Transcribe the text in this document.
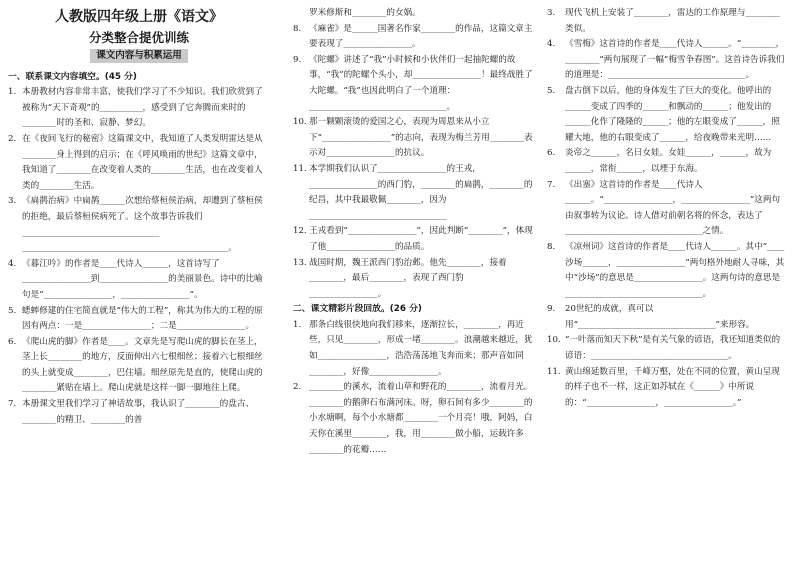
人教版四年级上册《语文》
分类整合提优训练
课文内容与积累运用
一、联系课文内容填空。(45 分)
1. 本册教材内容非常丰富，使我们学习了不少知识。我们欣赏到了被称为“天下奇观”的__________，感受到了它奔腾而来时的________时的圣和、寂静、梦幻。
2. 在《夜间飞行的秘密》这篇课文中，我知道了人类发明雷达是从________身上得到的启示；在《呼风唤雨的世纪》这篇文章中，我知道了________在改变着人类的________生活，也在改变着人类的________生活。
3. 《扁鹊治病》中扁鹊______次想给蔡桓侯治病，却遭到了蔡桓侯的拒绝，最后蔡桓侯病死了。这个故事告诉我们________________________________
________________________________________________。
4. 《暮江吟》的作者是____代诗人______，这首诗写了________________到________________的美丽景色。诗中的比喻句是“________________，________________”。
5. 蟋蟀修建的住宅简直就是“伟大的工程”，称其为伟大的工程的原因有两点：一是________________；二是________________。
6. 《爬山虎的脚》作者是____。文章先是写爬山虎的脚长在茎上，茎上长________的地方，反面伸出六七根细丝；接着六七根细丝的头上就变成________，巴住墙。细丝原先是直的，使爬山虎的________紧贴在墙上。爬山虎就是这样一脚一脚地往上爬。
7. 本册课文里我们学习了神话故事，我认识了________的盘古、________的精卫、________的普
罗米修斯和________的女娲。
8. 《麻雀》是______国著名作家________的作品，这篇文章主要表现了________________。
9. 《陀螺》讲述了“我”小时候和小伙伴们一起抽陀螺的故事，“我”的陀螺个头小，却________________！最终战胜了大陀螺。“我”也因此明白了一个道理：________________________________。
10. 那一颗颗滚烫的爱国之心，表现为周恩来从小立下“________________”的志向，表现为梅兰芳用________表示对________________的抗议。
11. 本学期我们认识了________________的王戎，________________的西门豹，________的扁鹊，________的纪昌，其中我最敬佩________，因为________________________________
12. 王戎看到“________________”，因此判断“________”，体现了他________________的品质。
13. 战国时期，魏王派西门豹治邺。他先________，接着________，最后________，表现了西门豹________________。
二、课文精彩片段回放。(26 分)
1. 那条白线很快地向我们移来，逐渐拉长，________，再近些，只见________，形成一堵________。浪潮越来越近，犹如________________，浩浩荡荡地飞奔而来；那声音如同________，好像________________。
2. ________的溪水，流着山草和野花的________，流着月光。________的鹅卵石布满河床。呀，卵石间有多少________的小水塘啊，每个小水塘都________一个月亮！哦，阿妈，白天你在溪里________，我，用________做小船，运载许多________的花瓣……
3.	现代飞机上安装了________，雷达的工作原理与________类似。
4.	《雪梅》这首诗的作者是____代诗人______。“________，________”两句展现了一幅“梅雪争春图”。这首诗告诉我们的道理是：________________________________。
5.	盘古倒下以后，他的身体发生了巨大的变化。他呼出的______变成了四季的______和飘动的______；他发出的______化作了隆隆的______；他的左眼变成了______，照耀大地，他的右眼变成了______，给夜晚带来光明……
6.	炎帝之______，名曰女娃。女娃______，______，故为______，常衔______，以堙于东海。
7.	《出塞》这首诗的作者是____代诗人______。“________________，________________”这两句由叙事转为议论。诗人借对前朝名将的怀念，表达了________________________________之情。
8.	《凉州词》这首诗的作者是____代诗人______。其中“____沙场______，________________”两句格外地耐人寻味，其中“沙场”的意思是________________。这两句诗的意思是________________________________。
9.	20世纪的成就，真可以用“________________________________”来形容。
10. “一叶落而知天下秋”是有关气象的谚语，我还知道类似的谚语：________________________________。
11. 黄山绵延数百里，千峰万壑，处在不同的位置，黄山呈现的样子也不一样，这正如苏轼在《______》中所说的：“________________，________________。”
